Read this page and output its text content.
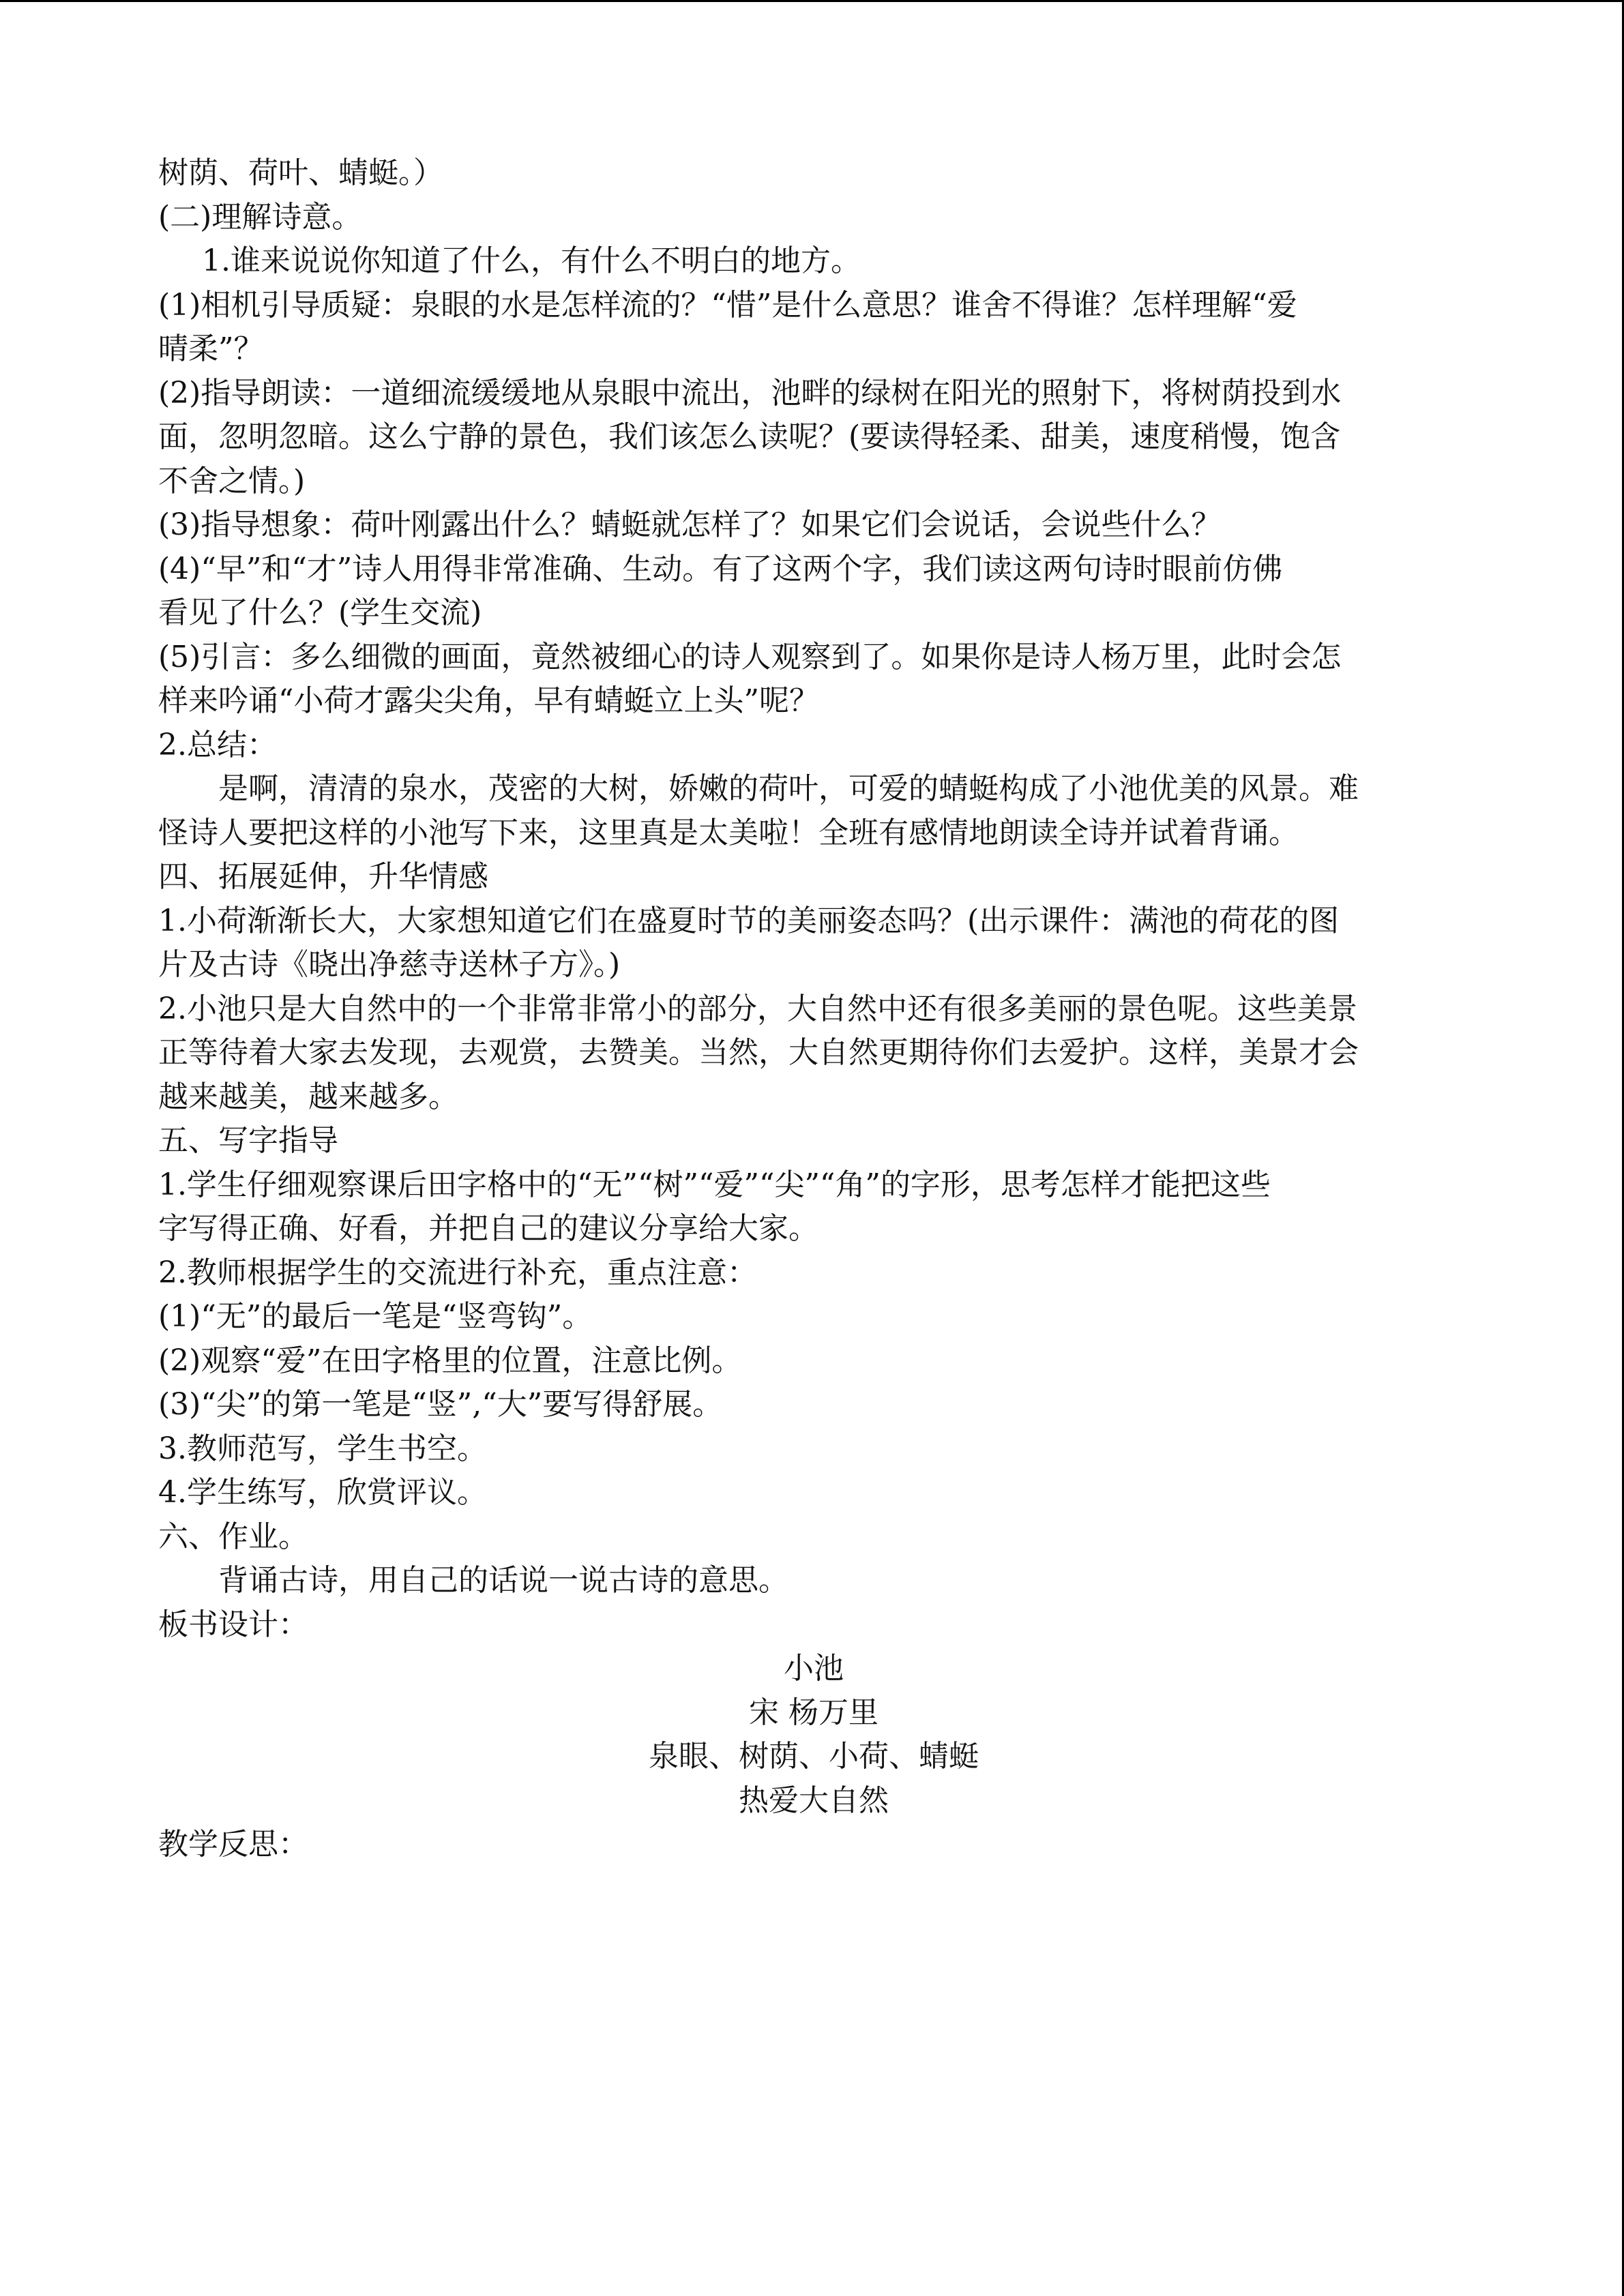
树荫、荷叶、蜻蜓。）

(二)理解诗意。

1.谁来说说你知道了什么，有什么不明白的地方。

(1)相机引导质疑：泉眼的水是怎样流的？“惜”是什么意思？谁舍不得谁？怎样理解“爱

晴柔”？

(2)指导朗读：一道细流缓缓地从泉眼中流出，池畔的绿树在阳光的照射下，将树荫投到水

面，忽明忽暗。这么宁静的景色，我们该怎么读呢？(要读得轻柔、甜美，速度稍慢，饱含

不舍之情。)

(3)指导想象：荷叶刚露出什么？蜻蜓就怎样了？如果它们会说话，会说些什么？

(4)“早”和“才”诗人用得非常准确、生动。有了这两个字，我们读这两句诗时眼前仿佛

看见了什么？(学生交流)

(5)引言：多么细微的画面，竟然被细心的诗人观察到了。如果你是诗人杨万里，此时会怎

样来吟诵“小荷才露尖尖角，早有蜻蜓立上头”呢？

2.总结：

是啊，清清的泉水，茂密的大树，娇嫩的荷叶，可爱的蜻蜓构成了小池优美的风景。难

怪诗人要把这样的小池写下来，这里真是太美啦！全班有感情地朗读全诗并试着背诵。

四、拓展延伸，升华情感

1.小荷渐渐长大，大家想知道它们在盛夏时节的美丽姿态吗？(出示课件：满池的荷花的图

片及古诗《晓出净慈寺送林子方》。)

2.小池只是大自然中的一个非常非常小的部分，大自然中还有很多美丽的景色呢。这些美景

正等待着大家去发现，去观赏，去赞美。当然，大自然更期待你们去爱护。这样，美景才会

越来越美，越来越多。

五、写字指导

1.学生仔细观察课后田字格中的“无”“树”“爱”“尖”“角”的字形，思考怎样才能把这些

字写得正确、好看，并把自己的建议分享给大家。

2.教师根据学生的交流进行补充，重点注意：

(1)“无”的最后一笔是“竖弯钩”。

(2)观察“爱”在田字格里的位置，注意比例。

(3)“尖”的第一笔是“竖”,“大”要写得舒展。

3.教师范写，学生书空。

4.学生练写，欣赏评议。

六、作业。

背诵古诗，用自己的话说一说古诗的意思。

板书设计：

小池

宋 杨万里

泉眼、树荫、小荷、蜻蜓

热爱大自然

教学反思：
